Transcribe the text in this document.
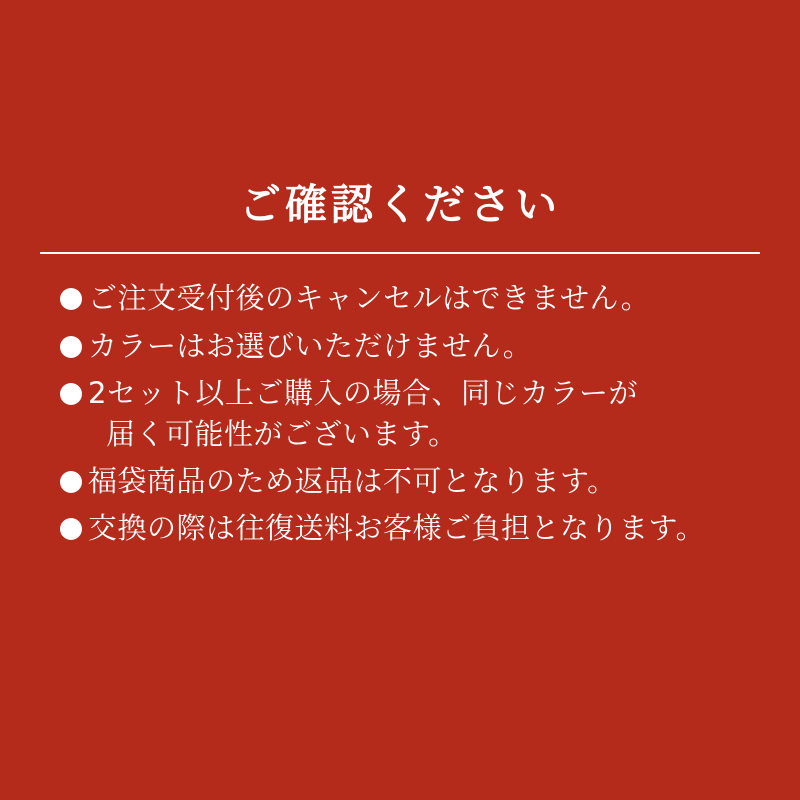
ご確認ください
ご注文受付後のキャンセルはできません。
カラーはお選びいただけません。
2セット以上ご購入の場合、同じカラーが
届く可能性がございます。
福袋商品のため返品は不可となります。
交換の際は往復送料お客様ご負担となります。
